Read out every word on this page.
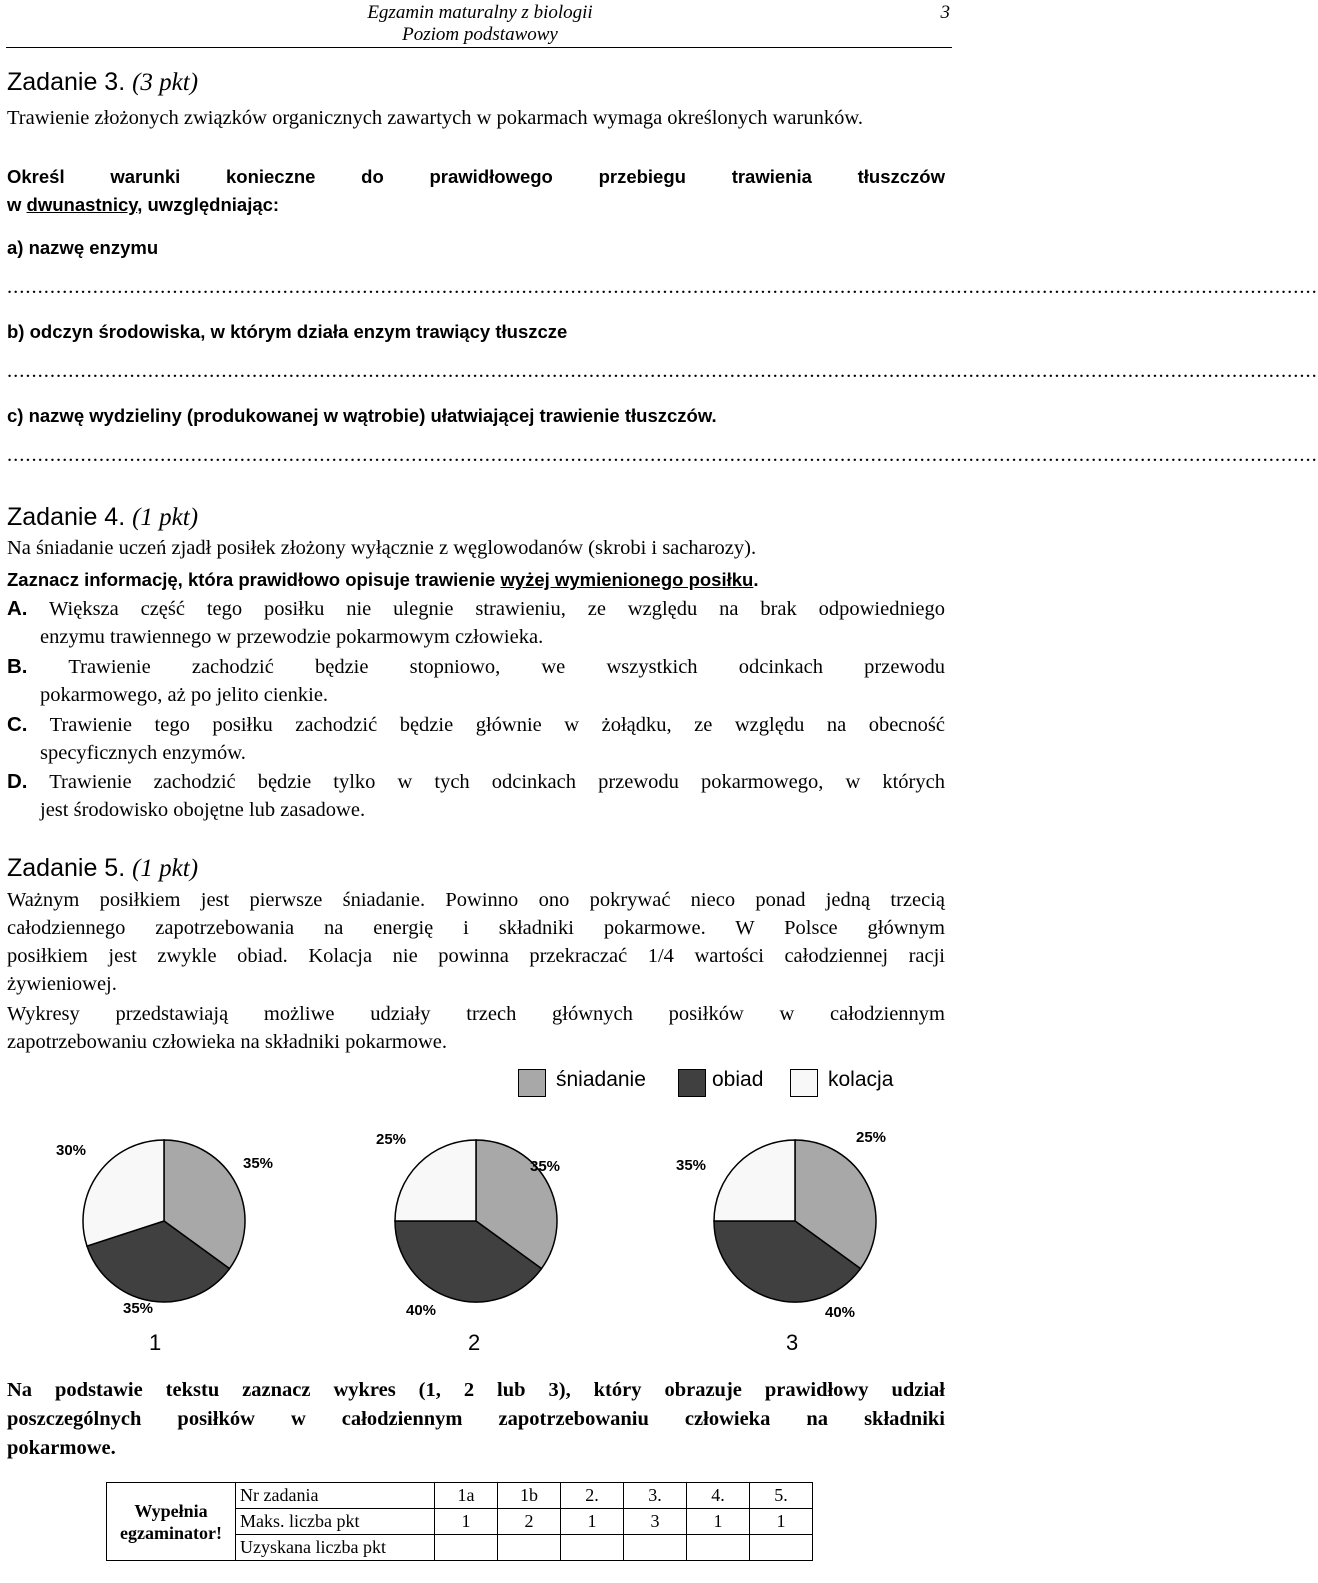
Egzamin maturalny z biologii
Poziom podstawowy
3
Zadanie 3. (3 pkt)
Trawienie złożonych związków organicznych zawartych w pokarmach wymaga określonych warunków.
Określ warunki konieczne do prawidłowego przebiegu trawienia tłuszczów
w dwunastnicy, uwzględniając:
a) nazwę enzymu
......................................................................................................................................................................................................................
b) odczyn środowiska, w którym działa enzym trawiący tłuszcze
......................................................................................................................................................................................................................
c) nazwę wydzieliny (produkowanej w wątrobie) ułatwiającej trawienie tłuszczów.
......................................................................................................................................................................................................................
Zadanie 4. (1 pkt)
Na śniadanie uczeń zjadł posiłek złożony wyłącznie z węglowodanów (skrobi i sacharozy).
Zaznacz informację, która prawidłowo opisuje trawienie wyżej wymienionego posiłku.
A. Większa część tego posiłku nie ulegnie strawieniu, ze względu na brak odpowiedniego
enzymu trawiennego w przewodzie pokarmowym człowieka.
B. Trawienie zachodzić będzie stopniowo, we wszystkich odcinkach przewodu
pokarmowego, aż po jelito cienkie.
C. Trawienie tego posiłku zachodzić będzie głównie w żołądku, ze względu na obecność
specyficznych enzymów.
D. Trawienie zachodzić będzie tylko w tych odcinkach przewodu pokarmowego, w których
jest środowisko obojętne lub zasadowe.
Zadanie 5. (1 pkt)
Ważnym posiłkiem jest pierwsze śniadanie. Powinno ono pokrywać nieco ponad jedną trzecią
całodziennego zapotrzebowania na energię i składniki pokarmowe. W Polsce głównym
posiłkiem jest zwykle obiad. Kolacja nie powinna przekraczać 1/4 wartości całodziennej racji
żywieniowej.
Wykresy przedstawiają możliwe udziały trzech głównych posiłków w całodziennym
zapotrzebowaniu człowieka na składniki pokarmowe.
śniadanie	obiad	kolacja
30%
35%
35%
1
25%
35%
40%
2
25%
35%
40%
3
Na podstawie tekstu zaznacz wykres (1, 2 lub 3), który obrazuje prawidłowy udział
poszczególnych posiłków w całodziennym zapotrzebowaniu człowieka na składniki
pokarmowe.
Wypełnia
egzaminator!	Nr zadania	1a	1b	2.	3.	4.	5.
	Maks. liczba pkt	1	2	1	3	1	1
	Uzyskana liczba pkt						
